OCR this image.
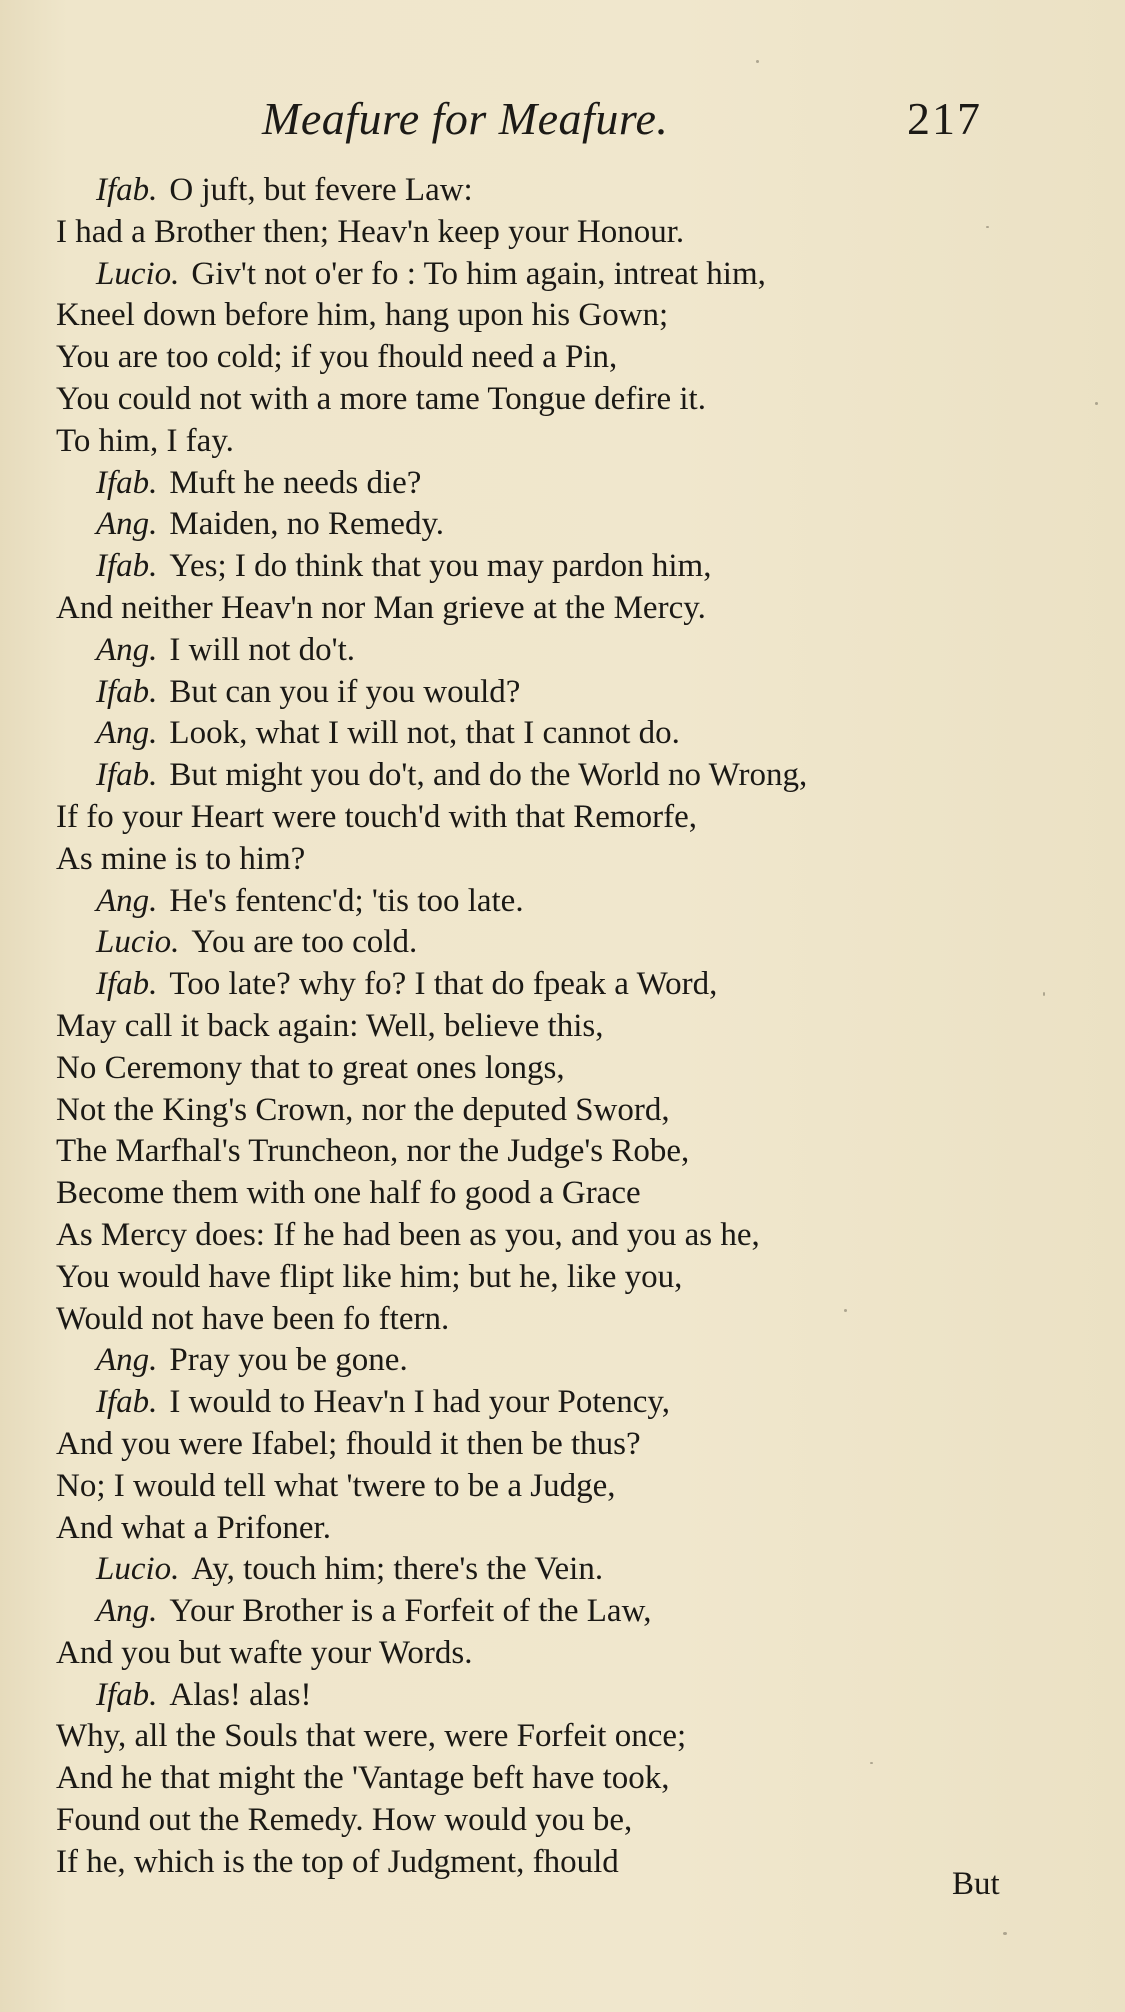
Meafure for Meafure.	217
Ifab. O juft, but fevere Law:
I had a Brother then; Heav'n keep your Honour.
Lucio. Giv't not o'er fo : To him again, intreat him,
Kneel down before him, hang upon his Gown;
You are too cold; if you fhould need a Pin,
You could not with a more tame Tongue defire it.
To him, I fay.
Ifab. Muft he needs die?
Ang. Maiden, no Remedy.
Ifab. Yes; I do think that you may pardon him,
And neither Heav'n nor Man grieve at the Mercy.
Ang. I will not do't.
Ifab. But can you if you would?
Ang. Look, what I will not, that I cannot do.
Ifab. But might you do't, and do the World no Wrong,
If fo your Heart were touch'd with that Remorfe,
As mine is to him?
Ang. He's fentenc'd; 'tis too late.
Lucio. You are too cold.
Ifab. Too late? why fo? I that do fpeak a Word,
May call it back again: Well, believe this,
No Ceremony that to great ones longs,
Not the King's Crown, nor the deputed Sword,
The Marfhal's Truncheon, nor the Judge's Robe,
Become them with one half fo good a Grace
As Mercy does: If he had been as you, and you as he,
You would have flipt like him; but he, like you,
Would not have been fo ftern.
Ang. Pray you be gone.
Ifab. I would to Heav'n I had your Potency,
And you were Ifabel; fhould it then be thus?
No; I would tell what 'twere to be a Judge,
And what a Prifoner.
Lucio. Ay, touch him; there's the Vein.
Ang. Your Brother is a Forfeit of the Law,
And you but wafte your Words.
Ifab. Alas! alas!
Why, all the Souls that were, were Forfeit once;
And he that might the 'Vantage beft have took,
Found out the Remedy. How would you be,
If he, which is the top of Judgment, fhould
But
